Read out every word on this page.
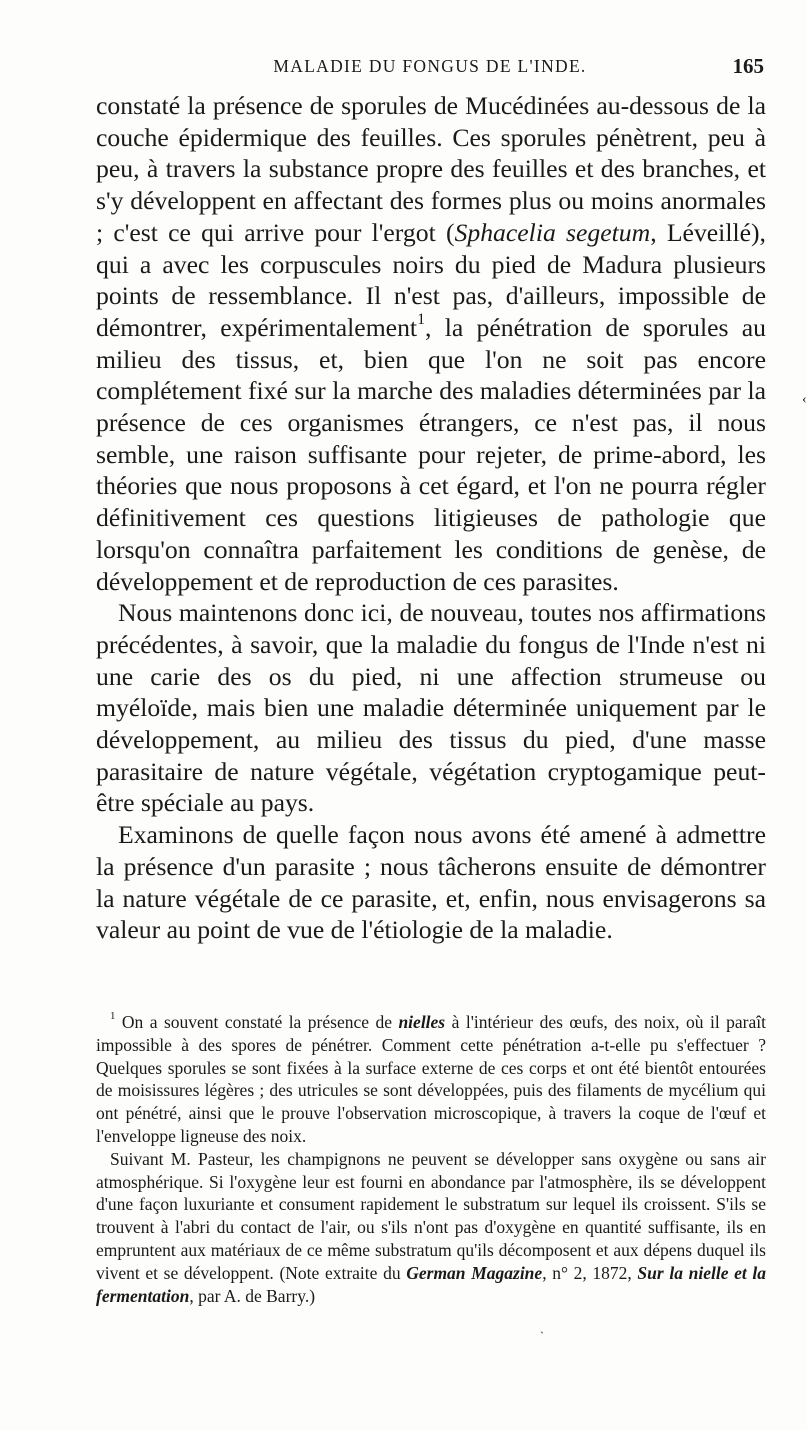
MALADIE DU FONGUS DE L'INDE.	165

constaté la présence de sporules de Mucédinées au-dessous de la couche épidermique des feuilles. Ces sporules pénètrent, peu à peu, à travers la substance propre des feuilles et des branches, et s'y développent en affectant des formes plus ou moins anormales ; c'est ce qui arrive pour l'ergot (Sphacelia segetum, Léveillé), qui a avec les corpuscules noirs du pied de Madura plusieurs points de ressemblance. Il n'est pas, d'ailleurs, impossible de démontrer, expérimentalement$^1$, la pénétration de sporules au milieu des tissus, et, bien que l'on ne soit pas encore complétement fixé sur la marche des maladies déterminées par la présence de ces organismes étrangers, ce n'est pas, il nous semble, une raison suffisante pour rejeter, de prime-abord, les théories que nous proposons à cet égard, et l'on ne pourra régler définitivement ces questions litigieuses de pathologie que lorsqu'on connaîtra parfaitement les conditions de genèse, de développement et de reproduction de ces parasites.

Nous maintenons donc ici, de nouveau, toutes nos affirmations précédentes, à savoir, que la maladie du fongus de l'Inde n'est ni une carie des os du pied, ni une affection strumeuse ou myéloïde, mais bien une maladie déterminée uniquement par le développement, au milieu des tissus du pied, d'une masse parasitaire de nature végétale, végétation cryptogamique peut-être spéciale au pays.

Examinons de quelle façon nous avons été amené à admettre la présence d'un parasite ; nous tâcherons ensuite de démontrer la nature végétale de ce parasite, et, enfin, nous envisagerons sa valeur au point de vue de l'étiologie de la maladie.

$^1$ On a souvent constaté la présence de nielles à l'intérieur des œufs, des noix, où il paraît impossible à des spores de pénétrer. Comment cette pénétration a-t-elle pu s'effectuer ? Quelques sporules se sont fixées à la surface externe de ces corps et ont été bientôt entourées de moisissures légères ; des utricules se sont développées, puis des filaments de mycélium qui ont pénétré, ainsi que le prouve l'observation microscopique, à travers la coque de l'œuf et l'enveloppe ligneuse des noix.

Suivant M. Pasteur, les champignons ne peuvent se développer sans oxygène ou sans air atmosphérique. Si l'oxygène leur est fourni en abondance par l'atmosphère, ils se développent d'une façon luxuriante et consument rapidement le substratum sur lequel ils croissent. S'ils se trouvent à l'abri du contact de l'air, ou s'ils n'ont pas d'oxygène en quantité suffisante, ils en empruntent aux matériaux de ce même substratum qu'ils décomposent et aux dépens duquel ils vivent et se développent. (Note extraite du German Magazine, n° 2, 1872, Sur la nielle et la fermentation, par A. de Barry.)

‹
ˏ
